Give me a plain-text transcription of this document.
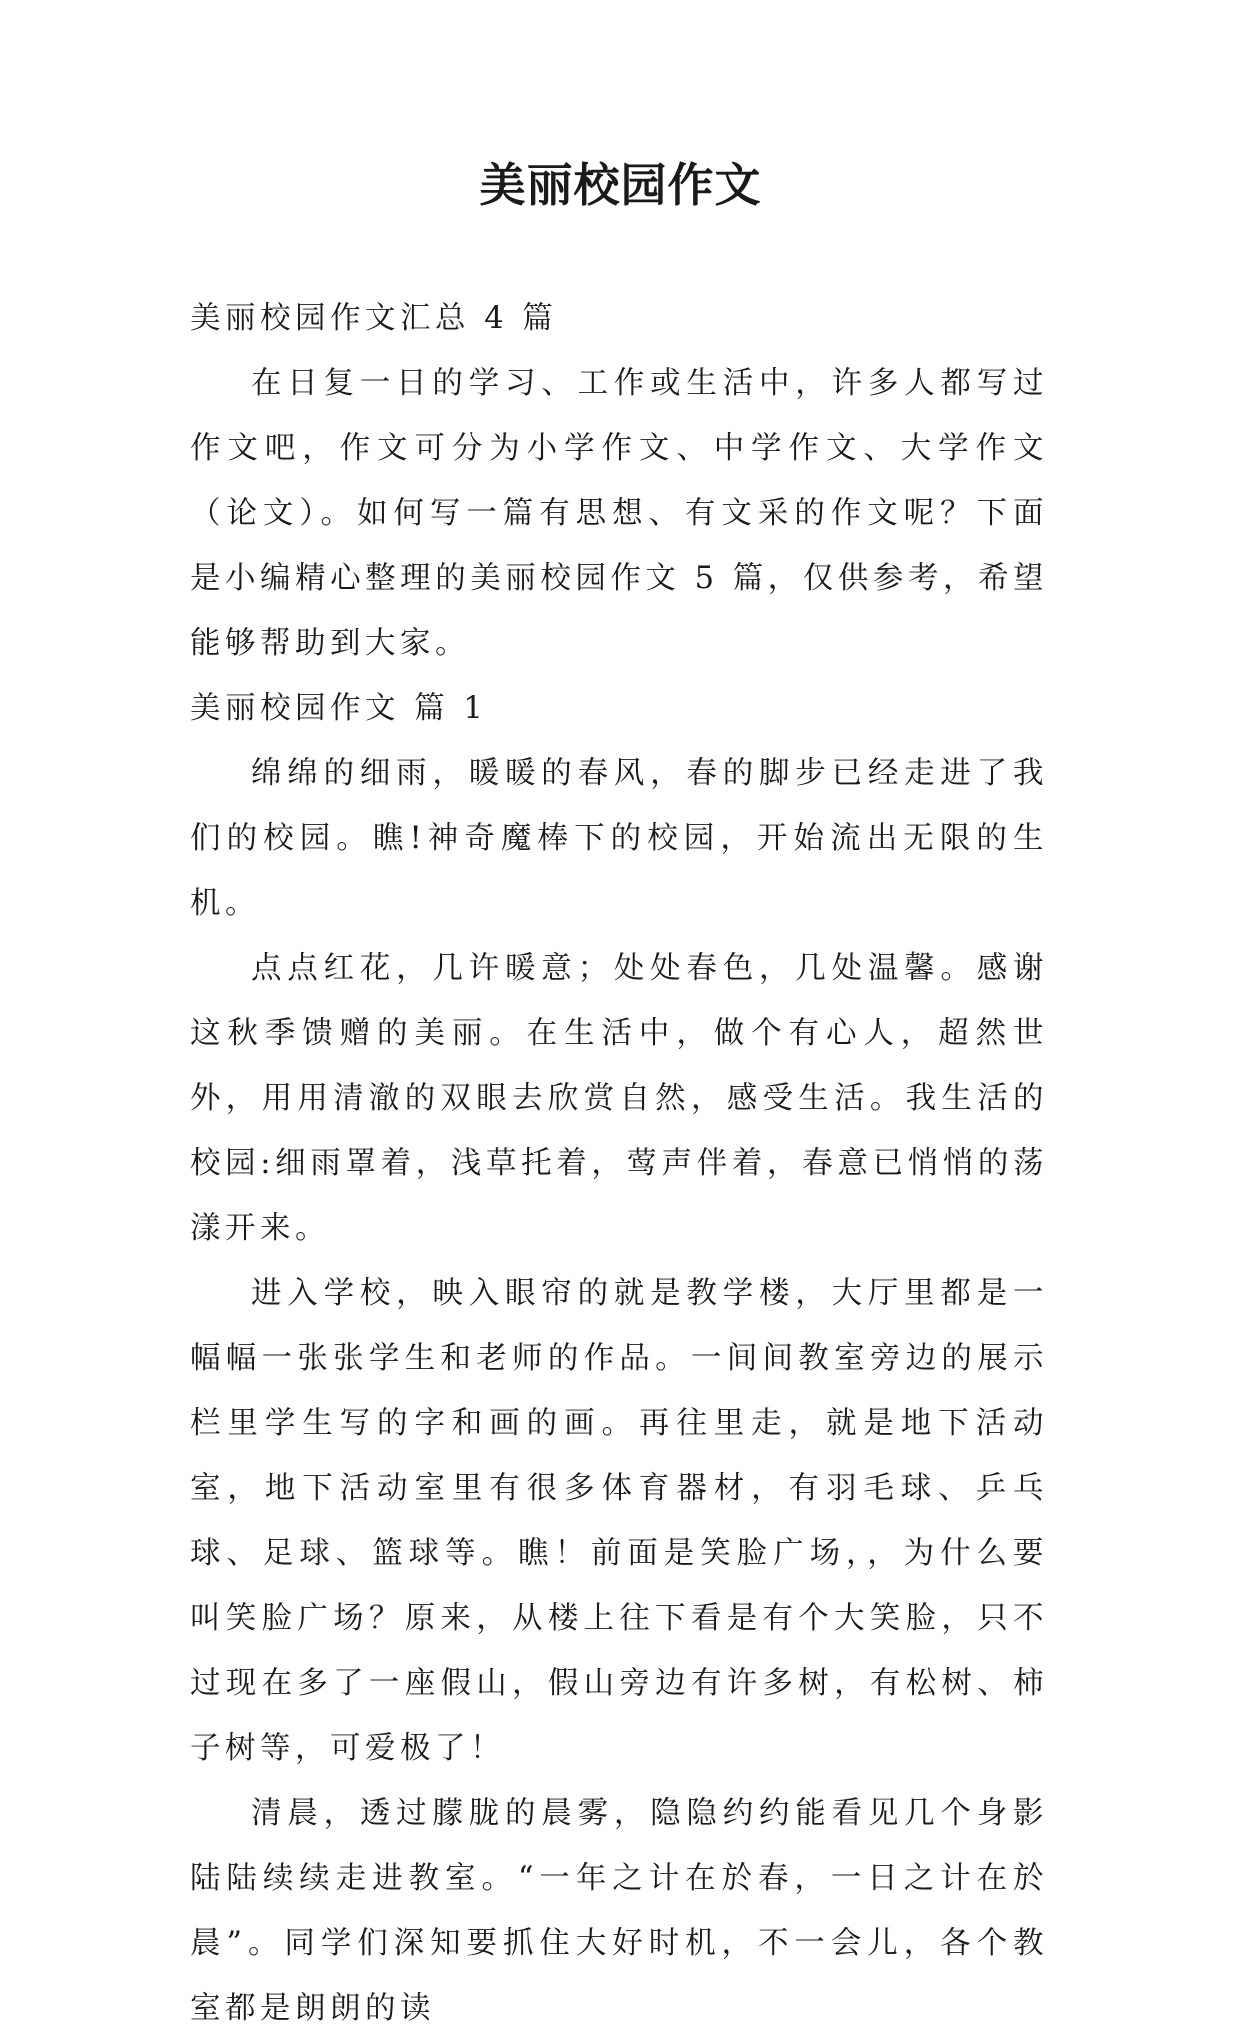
美丽校园作文

美丽校园作文汇总 4 篇

在日复一日的学习、工作或生活中，许多人都写过作文吧，作文可分为小学作文、中学作文、大学作文（论文）。如何写一篇有思想、有文采的作文呢？下面是小编精心整理的美丽校园作文 5 篇，仅供参考，希望能够帮助到大家。

美丽校园作文 篇 1

绵绵的细雨，暖暖的春风，春的脚步已经走进了我们的校园。瞧!神奇魔棒下的校园，开始流出无限的生机。

点点红花，几许暖意；处处春色，几处温馨。感谢这秋季馈赠的美丽。在生活中，做个有心人，超然世外，用用清澈的双眼去欣赏自然，感受生活。我生活的校园:细雨罩着，浅草托着，莺声伴着，春意已悄悄的荡漾开来。

进入学校，映入眼帘的就是教学楼，大厅里都是一幅幅一张张学生和老师的作品。一间间教室旁边的展示栏里学生写的字和画的画。再往里走，就是地下活动室，地下活动室里有很多体育器材，有羽毛球、乒乓球、足球、篮球等。瞧！前面是笑脸广场，，为什么要叫笑脸广场？原来，从楼上往下看是有个大笑脸，只不过现在多了一座假山，假山旁边有许多树，有松树、柿子树等，可爱极了！

清晨，透过朦胧的晨雾，隐隐约约能看见几个身影陆陆续续走进教室。“一年之计在於春，一日之计在於晨”。同学们深知要抓住大好时机，不一会儿，各个教室都是朗朗的读
